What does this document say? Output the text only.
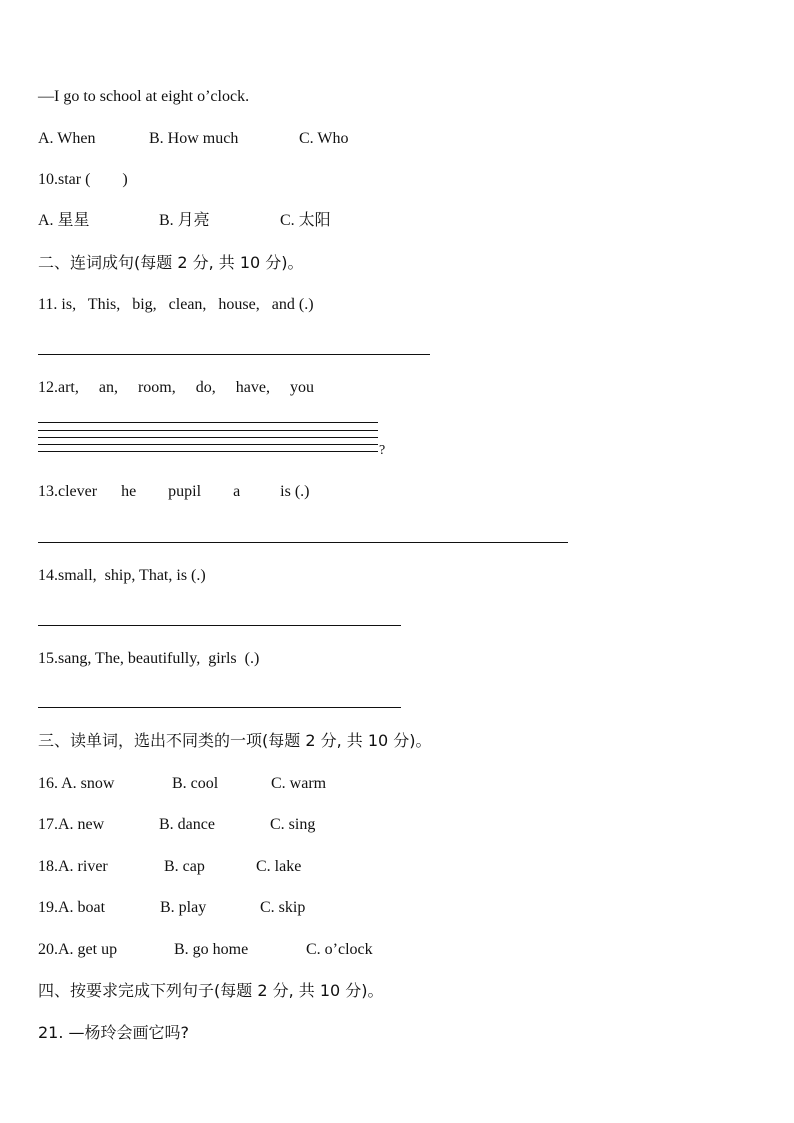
—I go to school at eight o’clock.
A. When	B. How much	C. Who
10.star (　　)
A. 星星	B. 月亮	C. 太阳
二、连词成句(每题 2 分, 共 10 分)。
11. is,   This,   big,   clean,   house,   and (.)
12.art,     an,     room,     do,     have,     you
?
13.clever      he        pupil        a          is (.)
14.small,  ship, That, is (.)
15.sang, The, beautifully,  girls  (.)
三、读单词，选出不同类的一项(每题 2 分, 共 10 分)。
16. A. snow	B. cool	C. warm
17.A. new	B. dance	C. sing
18.A. river	B. cap	C. lake
19.A. boat	B. play	C. skip
20.A. get up	B. go home	C. o’clock
四、按要求完成下列句子(每题 2 分, 共 10 分)。
21. —杨玲会画它吗?
